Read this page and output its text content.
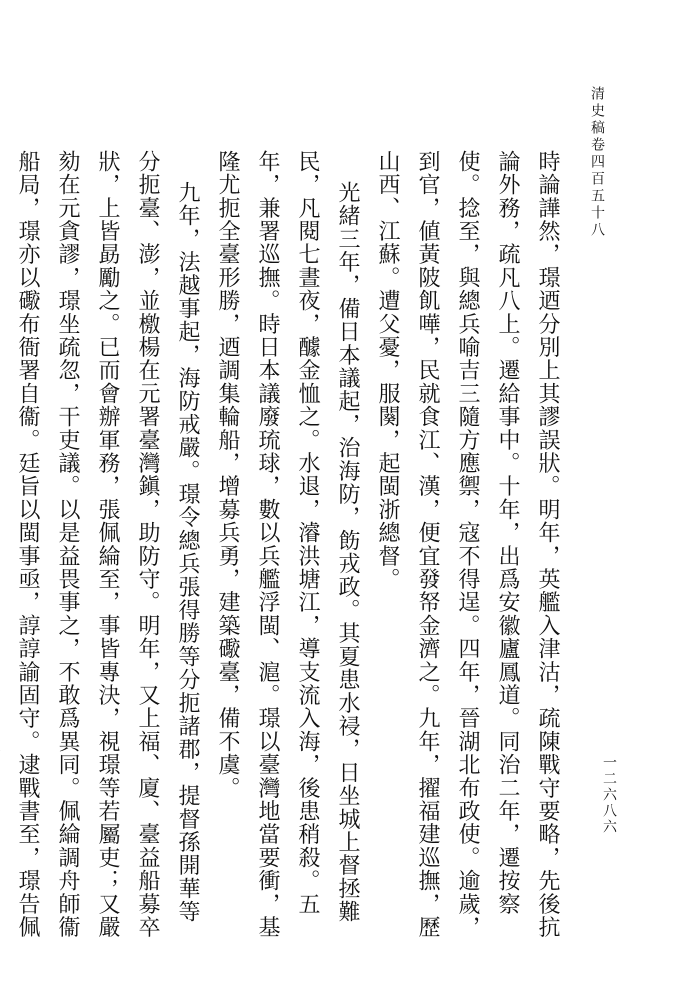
清史稿卷四百五十八
一二六八六

時論譁然，璟迺分別上其謬誤狀。明年，英艦入津沽，疏陳戰守要略，先後抗論外務，疏凡八上。遷給事中。十年，出爲安徽廬鳳道。同治二年，遷按察使。捻至，與總兵喻吉三隨方應禦，寇不得逞。四年，晉湖北布政使。逾歲，到官，値黃陂飢嘩，民就食江、漢，便宜發帑金濟之。九年，擢福建巡撫，歷山西、江蘇。遭父憂，服闋，起閩浙總督。

光緒三年，備日本議起，治海防，飭戎政。其夏患水祲，日坐城上督拯難民，凡閱七晝夜，醵金恤之。水退，濬洪塘江，導支流入海，後患稍殺。五年，兼署巡撫。時日本議廢琉球，數以兵艦浮閩、滬。璟以臺灣地當要衝，基隆尤扼全臺形勝，迺調集輪船，增募兵勇，建築礮臺，備不虞。

九年，法越事起，海防戒嚴。璟令總兵張得勝等分扼諸郡，提督孫開華等分扼臺、澎，並檄楊在元署臺灣鎭，助防守。明年，又上福、廈、臺益船募卒狀，上皆勗勵之。已而會辦軍務，張佩綸至，事皆專決，視璟等若屬吏；又嚴劾在元貪謬，璟坐疏忽，干吏議。以是益畏事之，不敢爲異同。佩綸調舟師衞船局，璟亦以礮布衙署自衞。廷旨以閩事亟，諄諄諭固守。逮戰書至，璟告佩
